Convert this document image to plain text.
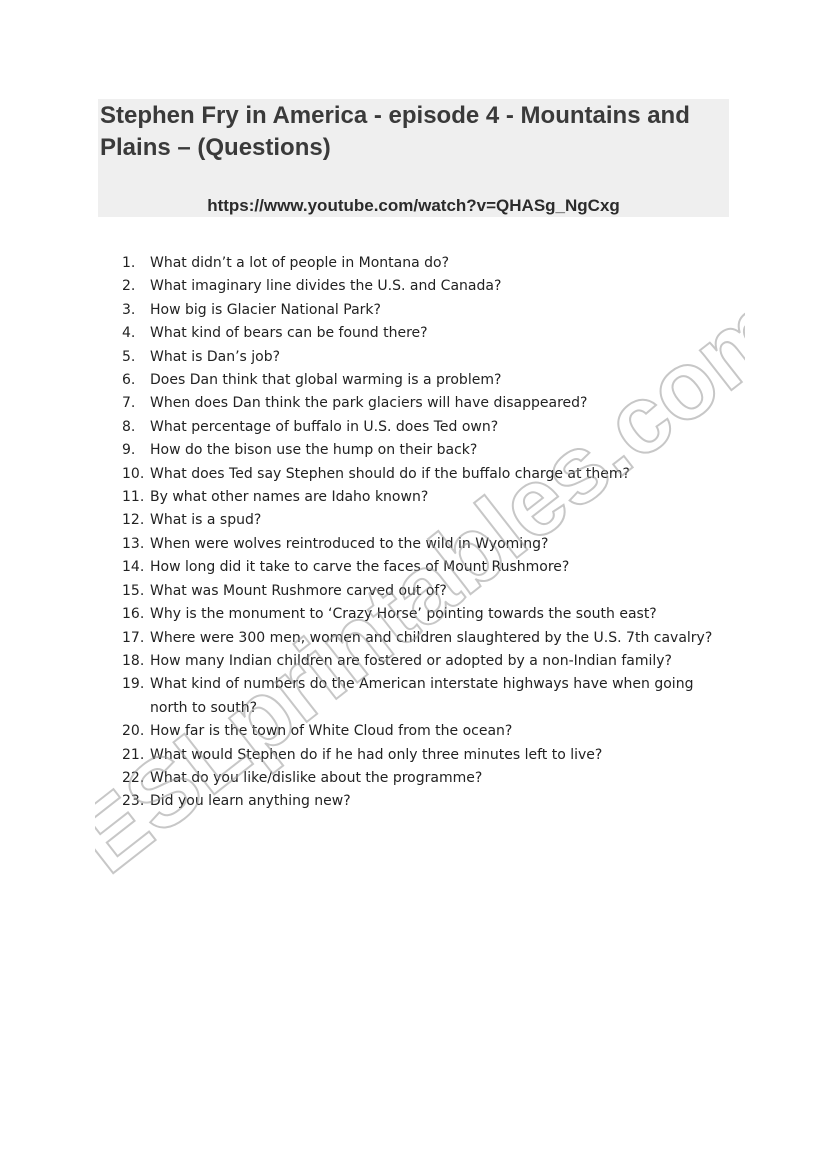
Stephen Fry in America - episode 4 - Mountains and Plains – (Questions)
https://www.youtube.com/watch?v=QHASg_NgCxg
1.	What didn’t a lot of people in Montana do?
2.	What imaginary line divides the U.S. and Canada?
3.	How big is Glacier National Park?
4.	What kind of bears can be found there?
5.	What is Dan’s job?
6.	Does Dan think that global warming is a problem?
7.	When does Dan think the park glaciers will have disappeared?
8.	What percentage of buffalo in U.S. does Ted own?
9.	How do the bison use the hump on their back?
10. What does Ted say Stephen should do if the buffalo charge at them?
11. By what other names are Idaho known?
12. What is a spud?
13. When were wolves reintroduced to the wild in Wyoming?
14. How long did it take to carve the faces of Mount Rushmore?
15. What was Mount Rushmore carved out of?
16. Why is the monument to ‘Crazy Horse’ pointing towards the south east?
17. Where were 300 men, women and children slaughtered by the U.S. 7th cavalry?
18. How many Indian children are fostered or adopted by a non-Indian family?
19. What kind of numbers do the American interstate highways have when going north to south?
20. How far is the town of White Cloud from the ocean?
21. What would Stephen do if he had only three minutes left to live?
22. What do you like/dislike about the programme?
23. Did you learn anything new?
ESLprintables.com
